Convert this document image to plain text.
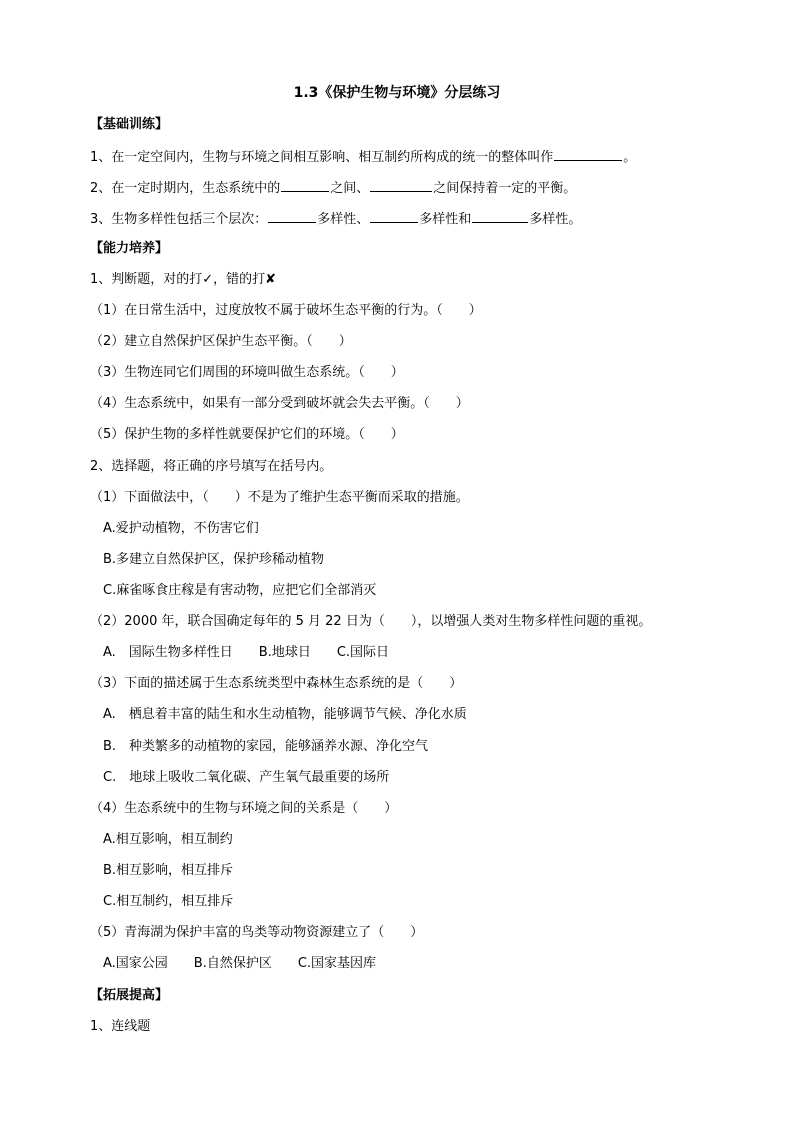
1.3《保护生物与环境》分层练习
【基础训练】
1、在一定空间内，生物与环境之间相互影响、相互制约所构成的统一的整体叫作	。
2、在一定时期内，生态系统中的	之间、	之间保持着一定的平衡。
3、生物多样性包括三个层次：	多样性、	多样性和	多样性。
【能力培养】
1、判断题，对的打✓，错的打✘
（1）在日常生活中，过度放牧不属于破坏生态平衡的行为。（　　）
（2）建立自然保护区保护生态平衡。（　　）
（3）生物连同它们周围的环境叫做生态系统。（　　）
（4）生态系统中，如果有一部分受到破坏就会失去平衡。（　　）
（5）保护生物的多样性就要保护它们的环境。（　　）
2、选择题，将正确的序号填写在括号内。
（1）下面做法中，（　　）不是为了维护生态平衡而采取的措施。
A.爱护动植物，不伤害它们
B.多建立自然保护区，保护珍稀动植物
C.麻雀啄食庄稼是有害动物，应把它们全部消灭
（2）2000 年，联合国确定每年的 5 月 22 日为（　　），以增强人类对生物多样性问题的重视。
A.　国际生物多样性日　　B.地球日　　C.国际日
（3）下面的描述属于生态系统类型中森林生态系统的是（　　）
A.　栖息着丰富的陆生和水生动植物，能够调节气候、净化水质
B.　种类繁多的动植物的家园，能够涵养水源、净化空气
C.　地球上吸收二氧化碳、产生氧气最重要的场所
（4）生态系统中的生物与环境之间的关系是（　　）
A.相互影响，相互制约
B.相互影响，相互排斥
C.相互制约，相互排斥
（5）青海湖为保护丰富的鸟类等动物资源建立了（　　）
A.国家公园　　B.自然保护区　　C.国家基因库
【拓展提高】
1、连线题
